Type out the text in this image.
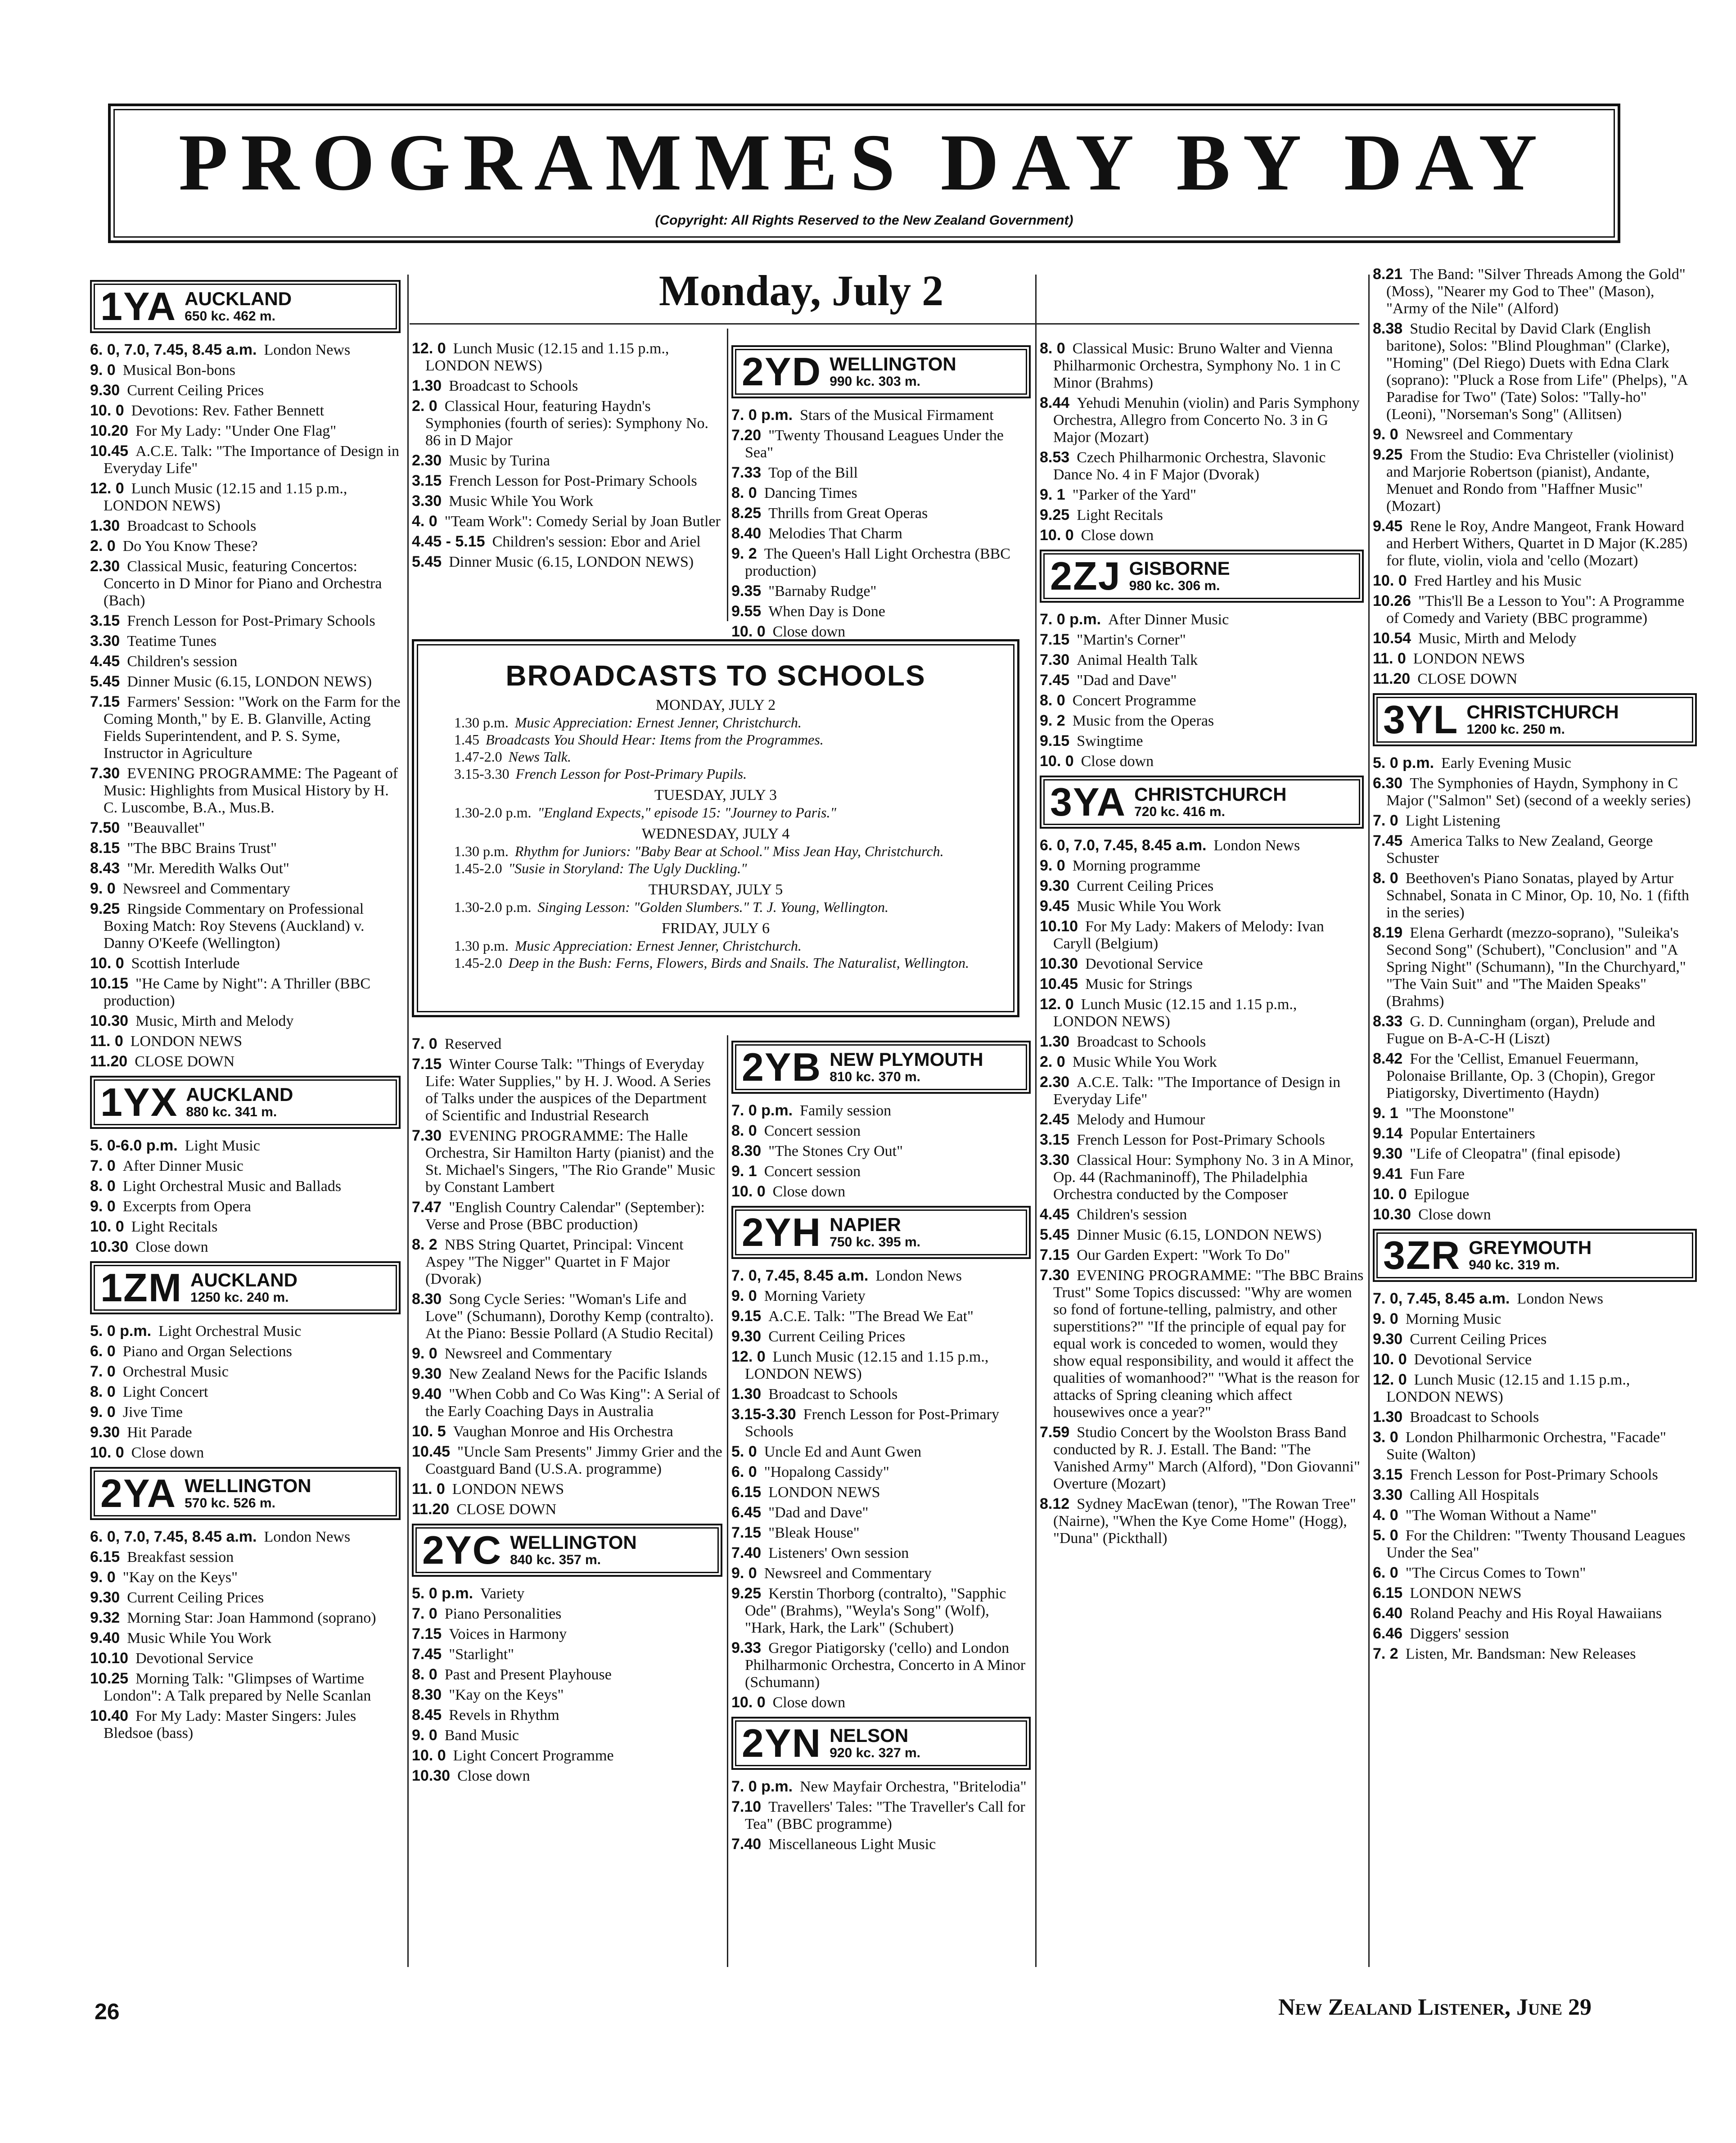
PROGRAMMES DAY BY DAY
(Copyright: All Rights Reserved to the New Zealand Government)
Monday, July 2
1YA AUCKLAND
650 kc. 462 m.
6. 0, 7.0, 7.45, 8.45 a.m. London News
9. 0 Musical Bon-bons
9.30 Current Ceiling Prices
10. 0 Devotions: Rev. Father Bennett
10.20 For My Lady: "Under One Flag"
10.45 A.C.E. Talk: "The Importance of Design in Everyday Life"
12. 0 Lunch Music (12.15 and 1.15 p.m., LONDON NEWS)
1.30 Broadcast to Schools
2. 0 Do You Know These?
2.30 Classical Music, featuring Concertos: Concerto in D Minor for Piano and Orchestra (Bach)
3.15 French Lesson for Post-Primary Schools
3.30 Teatime Tunes
4.45 Children's session
5.45 Dinner Music (6.15, LONDON NEWS)
7.15 Farmers' Session: "Work on the Farm for the Coming Month," by E. B. Glanville, Acting Fields Superintendent, and P. S. Syme, Instructor in Agriculture
7.30 EVENING PROGRAMME: The Pageant of Music: Highlights from Musical History by H. C. Luscombe, B.A., Mus.B.
7.50 "Beauvallet"
8.15 "The BBC Brains Trust"
8.43 "Mr. Meredith Walks Out"
9. 0 Newsreel and Commentary
9.25 Ringside Commentary on Professional Boxing Match: Roy Stevens (Auckland) v. Danny O'Keefe (Wellington)
10. 0 Scottish Interlude
10.15 "He Came by Night": A Thriller (BBC production)
10.30 Music, Mirth and Melody
11. 0 LONDON NEWS
11.20 CLOSE DOWN
1YX AUCKLAND
880 kc. 341 m.
5. 0-6.0 p.m. Light Music
7. 0 After Dinner Music
8. 0 Light Orchestral Music and Ballads
9. 0 Excerpts from Opera
10. 0 Light Recitals
10.30 Close down
1ZM AUCKLAND
1250 kc. 240 m.
5. 0 p.m. Light Orchestral Music
6. 0 Piano and Organ Selections
7. 0 Orchestral Music
8. 0 Light Concert
9. 0 Jive Time
9.30 Hit Parade
10. 0 Close down
2YA WELLINGTON
570 kc. 526 m.
6. 0, 7.0, 7.45, 8.45 a.m. London News
6.15 Breakfast session
9. 0 "Kay on the Keys"
9.30 Current Ceiling Prices
9.32 Morning Star: Joan Hammond (soprano)
9.40 Music While You Work
10.10 Devotional Service
10.25 Morning Talk: "Glimpses of Wartime London": A Talk prepared by Nelle Scanlan
10.40 For My Lady: Master Singers: Jules Bledsoe (bass)
12. 0 Lunch Music (12.15 and 1.15 p.m., LONDON NEWS)
1.30 Broadcast to Schools
2. 0 Classical Hour, featuring Haydn's Symphonies (fourth of series): Symphony No. 86 in D Major
2.30 Music by Turina
3.15 French Lesson for Post-Primary Schools
3.30 Music While You Work
4. 0 "Team Work": Comedy Serial by Joan Butler
4.45 - 5.15 Children's session: Ebor and Ariel
5.45 Dinner Music (6.15, LONDON NEWS)
BROADCASTS TO SCHOOLS
MONDAY, JULY 2
1.30 p.m. Music Appreciation: Ernest Jenner, Christchurch.
1.45 Broadcasts You Should Hear: Items from the Programmes.
1.47-2.0 News Talk.
3.15-3.30 French Lesson for Post-Primary Pupils.
TUESDAY, JULY 3
1.30-2.0 p.m. "England Expects," episode 15: "Journey to Paris."
WEDNESDAY, JULY 4
1.30 p.m. Rhythm for Juniors: "Baby Bear at School." Miss Jean Hay, Christchurch.
1.45-2.0 "Susie in Storyland: The Ugly Duckling."
THURSDAY, JULY 5
1.30-2.0 p.m. Singing Lesson: "Golden Slumbers." T. J. Young, Wellington.
FRIDAY, JULY 6
1.30 p.m. Music Appreciation: Ernest Jenner, Christchurch.
1.45-2.0 Deep in the Bush: Ferns, Flowers, Birds and Snails. The Naturalist, Wellington.
7. 0 Reserved
7.15 Winter Course Talk: "Things of Everyday Life: Water Supplies," by H. J. Wood. A Series of Talks under the auspices of the Department of Scientific and Industrial Research
7.30 EVENING PROGRAMME: The Halle Orchestra, Sir Hamilton Harty (pianist) and the St. Michael's Singers, "The Rio Grande" Music by Constant Lambert
7.47 "English Country Calendar" (September): Verse and Prose (BBC production)
8. 2 NBS String Quartet, Principal: Vincent Aspey "The Nigger" Quartet in F Major (Dvorak)
8.30 Song Cycle Series: "Woman's Life and Love" (Schumann), Dorothy Kemp (contralto). At the Piano: Bessie Pollard (A Studio Recital)
9. 0 Newsreel and Commentary
9.30 New Zealand News for the Pacific Islands
9.40 "When Cobb and Co Was King": A Serial of the Early Coaching Days in Australia
10. 5 Vaughan Monroe and His Orchestra
10.45 "Uncle Sam Presents" Jimmy Grier and the Coastguard Band (U.S.A. programme)
11. 0 LONDON NEWS
11.20 CLOSE DOWN
2YC WELLINGTON
840 kc. 357 m.
5. 0 p.m. Variety
7. 0 Piano Personalities
7.15 Voices in Harmony
7.45 "Starlight"
8. 0 Past and Present Playhouse
8.30 "Kay on the Keys"
8.45 Revels in Rhythm
9. 0 Band Music
10. 0 Light Concert Programme
10.30 Close down
2YD WELLINGTON
990 kc. 303 m.
7. 0 p.m. Stars of the Musical Firmament
7.20 "Twenty Thousand Leagues Under the Sea"
7.33 Top of the Bill
8. 0 Dancing Times
8.25 Thrills from Great Operas
8.40 Melodies That Charm
9. 2 The Queen's Hall Light Orchestra (BBC production)
9.35 "Barnaby Rudge"
9.55 When Day is Done
10. 0 Close down
2YB NEW PLYMOUTH
810 kc. 370 m.
7. 0 p.m. Family session
8. 0 Concert session
8.30 "The Stones Cry Out"
9. 1 Concert session
10. 0 Close down
2YH NAPIER
750 kc. 395 m.
7. 0, 7.45, 8.45 a.m. London News
9. 0 Morning Variety
9.15 A.C.E. Talk: "The Bread We Eat"
9.30 Current Ceiling Prices
12. 0 Lunch Music (12.15 and 1.15 p.m., LONDON NEWS)
1.30 Broadcast to Schools
3.15-3.30 French Lesson for Post-Primary Schools
5. 0 Uncle Ed and Aunt Gwen
6. 0 "Hopalong Cassidy"
6.15 LONDON NEWS
6.45 "Dad and Dave"
7.15 "Bleak House"
7.40 Listeners' Own session
9. 0 Newsreel and Commentary
9.25 Kerstin Thorborg (contralto), "Sapphic Ode" (Brahms), "Weyla's Song" (Wolf), "Hark, Hark, the Lark" (Schubert)
9.33 Gregor Piatigorsky ('cello) and London Philharmonic Orchestra, Concerto in A Minor (Schumann)
10. 0 Close down
2YN NELSON
920 kc. 327 m.
7. 0 p.m. New Mayfair Orchestra, "Britelodia"
7.10 Travellers' Tales: "The Traveller's Call for Tea" (BBC programme)
7.40 Miscellaneous Light Music
8. 0 Classical Music: Bruno Walter and Vienna Philharmonic Orchestra, Symphony No. 1 in C Minor (Brahms)
8.44 Yehudi Menuhin (violin) and Paris Symphony Orchestra, Allegro from Concerto No. 3 in G Major (Mozart)
8.53 Czech Philharmonic Orchestra, Slavonic Dance No. 4 in F Major (Dvorak)
9. 1 "Parker of the Yard"
9.25 Light Recitals
10. 0 Close down
2ZJ GISBORNE
980 kc. 306 m.
7. 0 p.m. After Dinner Music
7.15 "Martin's Corner"
7.30 Animal Health Talk
7.45 "Dad and Dave"
8. 0 Concert Programme
9. 2 Music from the Operas
9.15 Swingtime
10. 0 Close down
3YA CHRISTCHURCH
720 kc. 416 m.
6. 0, 7.0, 7.45, 8.45 a.m. London News
9. 0 Morning programme
9.30 Current Ceiling Prices
9.45 Music While You Work
10.10 For My Lady: Makers of Melody: Ivan Caryll (Belgium)
10.30 Devotional Service
10.45 Music for Strings
12. 0 Lunch Music (12.15 and 1.15 p.m., LONDON NEWS)
1.30 Broadcast to Schools
2. 0 Music While You Work
2.30 A.C.E. Talk: "The Importance of Design in Everyday Life"
2.45 Melody and Humour
3.15 French Lesson for Post-Primary Schools
3.30 Classical Hour: Symphony No. 3 in A Minor, Op. 44 (Rachmaninoff), The Philadelphia Orchestra conducted by the Composer
4.45 Children's session
5.45 Dinner Music (6.15, LONDON NEWS)
7.15 Our Garden Expert: "Work To Do"
7.30 EVENING PROGRAMME: "The BBC Brains Trust" Some Topics discussed: "Why are women so fond of fortune-telling, palmistry, and other superstitions?" "If the principle of equal pay for equal work is conceded to women, would they show equal responsibility, and would it affect the qualities of womanhood?" "What is the reason for attacks of Spring cleaning which affect housewives once a year?"
7.59 Studio Concert by the Woolston Brass Band conducted by R. J. Estall. The Band: "The Vanished Army" March (Alford), "Don Giovanni" Overture (Mozart)
8.12 Sydney MacEwan (tenor), "The Rowan Tree" (Nairne), "When the Kye Come Home" (Hogg), "Duna" (Pickthall)
8.21 The Band: "Silver Threads Among the Gold" (Moss), "Nearer my God to Thee" (Mason), "Army of the Nile" (Alford)
8.38 Studio Recital by David Clark (English baritone), Solos: "Blind Ploughman" (Clarke), "Homing" (Del Riego) Duets with Edna Clark (soprano): "Pluck a Rose from Life" (Phelps), "A Paradise for Two" (Tate) Solos: "Tally-ho" (Leoni), "Norseman's Song" (Allitsen)
9. 0 Newsreel and Commentary
9.25 From the Studio: Eva Christeller (violinist) and Marjorie Robertson (pianist), Andante, Menuet and Rondo from "Haffner Music" (Mozart)
9.45 Rene le Roy, Andre Mangeot, Frank Howard and Herbert Withers, Quartet in D Major (K.285) for flute, violin, viola and 'cello (Mozart)
10. 0 Fred Hartley and his Music
10.26 "This'll Be a Lesson to You": A Programme of Comedy and Variety (BBC programme)
10.54 Music, Mirth and Melody
11. 0 LONDON NEWS
11.20 CLOSE DOWN
3YL CHRISTCHURCH
1200 kc. 250 m.
5. 0 p.m. Early Evening Music
6.30 The Symphonies of Haydn, Symphony in C Major ("Salmon" Set) (second of a weekly series)
7. 0 Light Listening
7.45 America Talks to New Zealand, George Schuster
8. 0 Beethoven's Piano Sonatas, played by Artur Schnabel, Sonata in C Minor, Op. 10, No. 1 (fifth in the series)
8.19 Elena Gerhardt (mezzo-soprano), "Suleika's Second Song" (Schubert), "Conclusion" and "A Spring Night" (Schumann), "In the Churchyard," "The Vain Suit" and "The Maiden Speaks" (Brahms)
8.33 G. D. Cunningham (organ), Prelude and Fugue on B-A-C-H (Liszt)
8.42 For the 'Cellist, Emanuel Feuermann, Polonaise Brillante, Op. 3 (Chopin), Gregor Piatigorsky, Divertimento (Haydn)
9. 1 "The Moonstone"
9.14 Popular Entertainers
9.30 "Life of Cleopatra" (final episode)
9.41 Fun Fare
10. 0 Epilogue
10.30 Close down
3ZR GREYMOUTH
940 kc. 319 m.
7. 0, 7.45, 8.45 a.m. London News
9. 0 Morning Music
9.30 Current Ceiling Prices
10. 0 Devotional Service
12. 0 Lunch Music (12.15 and 1.15 p.m., LONDON NEWS)
1.30 Broadcast to Schools
3. 0 London Philharmonic Orchestra, "Facade" Suite (Walton)
3.15 French Lesson for Post-Primary Schools
3.30 Calling All Hospitals
4. 0 "The Woman Without a Name"
5. 0 For the Children: "Twenty Thousand Leagues Under the Sea"
6. 0 "The Circus Comes to Town"
6.15 LONDON NEWS
6.40 Roland Peachy and His Royal Hawaiians
6.46 Diggers' session
7. 2 Listen, Mr. Bandsman: New Releases
26	New Zealand Listener, June 29
